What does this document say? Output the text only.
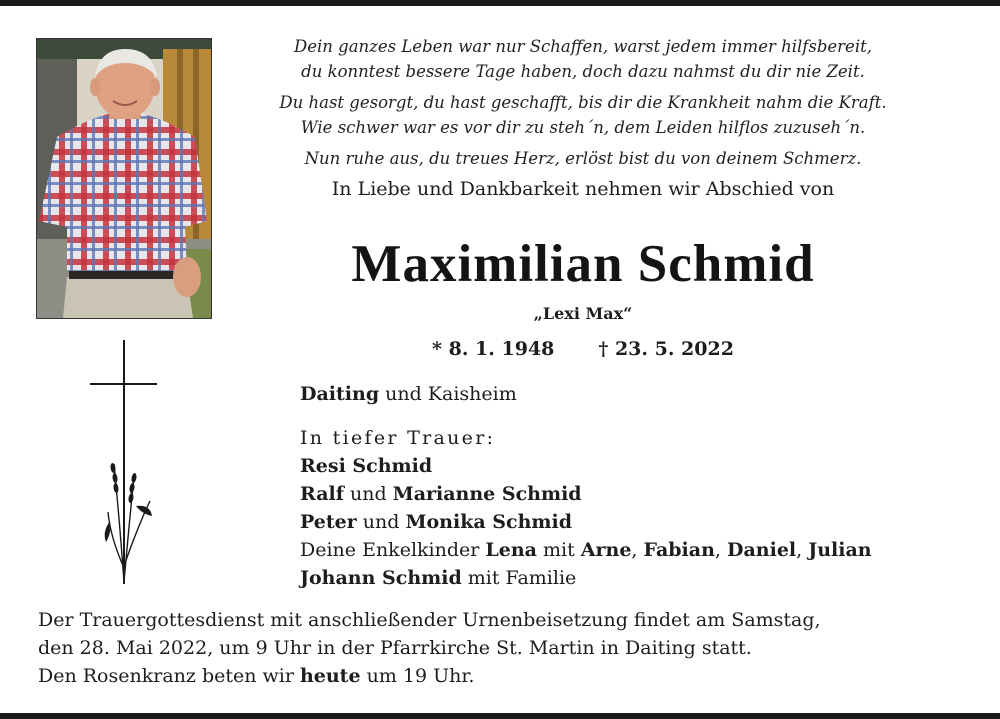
Dein ganzes Leben war nur Schaffen, warst jedem immer hilfsbereit,
du konntest bessere Tage haben, doch dazu nahmst du dir nie Zeit.
Du hast gesorgt, du hast geschafft, bis dir die Krankheit nahm die Kraft.
Wie schwer war es vor dir zu steh´n, dem Leiden hilflos zuzuseh´n.
Nun ruhe aus, du treues Herz, erlöst bist du von deinem Schmerz.
In Liebe und Dankbarkeit nehmen wir Abschied von
Maximilian Schmid
„Lexi Max“
* 8. 1. 1948 † 23. 5. 2022
Daiting und Kaisheim
In tiefer Trauer:
Resi Schmid
Ralf und Marianne Schmid
Peter und Monika Schmid
Deine Enkelkinder Lena mit Arne, Fabian, Daniel, Julian
Johann Schmid mit Familie
Der Trauergottesdienst mit anschließender Urnenbeisetzung findet am Samstag,
den 28. Mai 2022, um 9 Uhr in der Pfarrkirche St. Martin in Daiting statt.
Den Rosenkranz beten wir heute um 19 Uhr.
